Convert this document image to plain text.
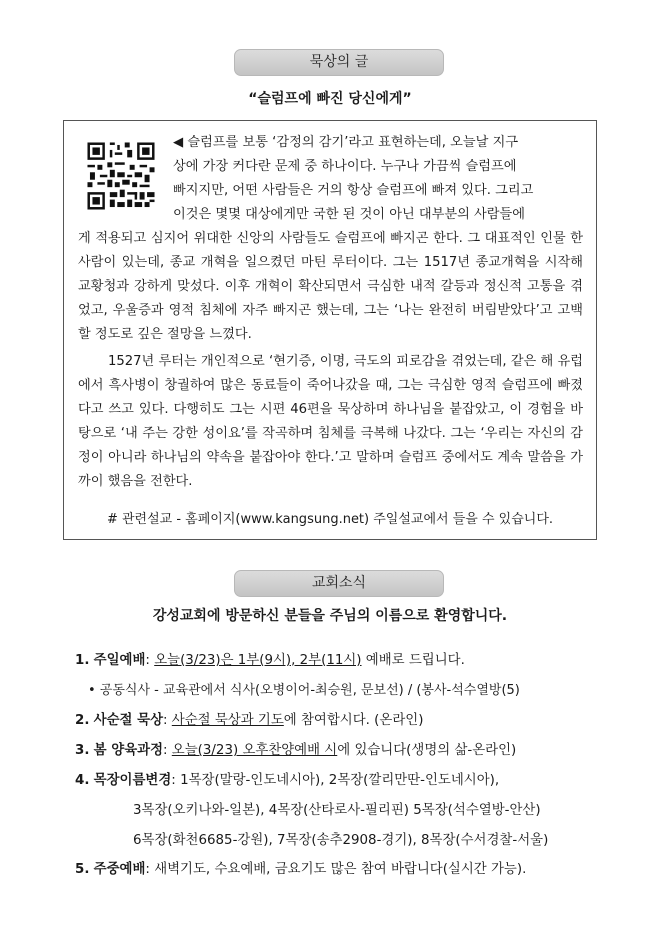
묵상의 글
“슬럼프에 빠진 당신에게”
◀ 슬럼프를 보통 ‘감정의 감기’라고 표현하는데, 오늘날 지구
상에 가장 커다란 문제 중 하나이다. 누구나 가끔씩 슬럼프에
빠지지만, 어떤 사람들은 거의 항상 슬럼프에 빠져 있다. 그리고
이것은 몇몇 대상에게만 국한 된 것이 아닌 대부분의 사람들에
게 적용되고 심지어 위대한 신앙의 사람들도 슬럼프에 빠지곤 한다. 그 대표적인 인물 한 사람이 있는데, 종교 개혁을 일으켰던 마틴 루터이다. 그는 1517년 종교개혁을 시작해 교황청과 강하게 맞섰다. 이후 개혁이 확산되면서 극심한 내적 갈등과 정신적 고통을 겪었고, 우울증과 영적 침체에 자주 빠지곤 했는데, 그는 ‘나는 완전히 버림받았다’고 고백할 정도로 깊은 절망을 느꼈다.
1527년 루터는 개인적으로 ‘현기증, 이명, 극도의 피로감을 겪었는데, 같은 해 유럽에서 흑사병이 창궐하여 많은 동료들이 죽어나갔을 때, 그는 극심한 영적 슬럼프에 빠졌다고 쓰고 있다. 다행히도 그는 시편 46편을 묵상하며 하나님을 붙잡았고, 이 경험을 바탕으로 ‘내 주는 강한 성이요’를 작곡하며 침체를 극복해 나갔다. 그는 ‘우리는 자신의 감정이 아니라 하나님의 약속을 붙잡아야 한다.’고 말하며 슬럼프 중에서도 계속 말씀을 가까이 했음을 전한다.
# 관련설교 - 홈페이지(www.kangsung.net) 주일설교에서 들을 수 있습니다.
교회소식
강성교회에 방문하신 분들을 주님의 이름으로 환영합니다.
1. 주일예배: 오늘(3/23)은 1부(9시), 2부(11시) 예배로 드립니다.
• 공동식사 - 교육관에서 식사(오병이어-최승원, 문보선) / (봉사-석수열방(5)
2. 사순절 묵상: 사순절 묵상과 기도에 참여합시다. (온라인)
3. 봄 양육과정: 오늘(3/23) 오후찬양예배 시에 있습니다(생명의 삶-온라인)
4. 목장이름변경: 1목장(말랑-인도네시아), 2목장(깔리만딴-인도네시아),
3목장(오키나와-일본), 4목장(산타로사-필리핀) 5목장(석수열방-안산)
6목장(화천6685-강원), 7목장(송추2908-경기), 8목장(수서경찰-서울)
5. 주중예배: 새벽기도, 수요예배, 금요기도 많은 참여 바랍니다(실시간 가능).
